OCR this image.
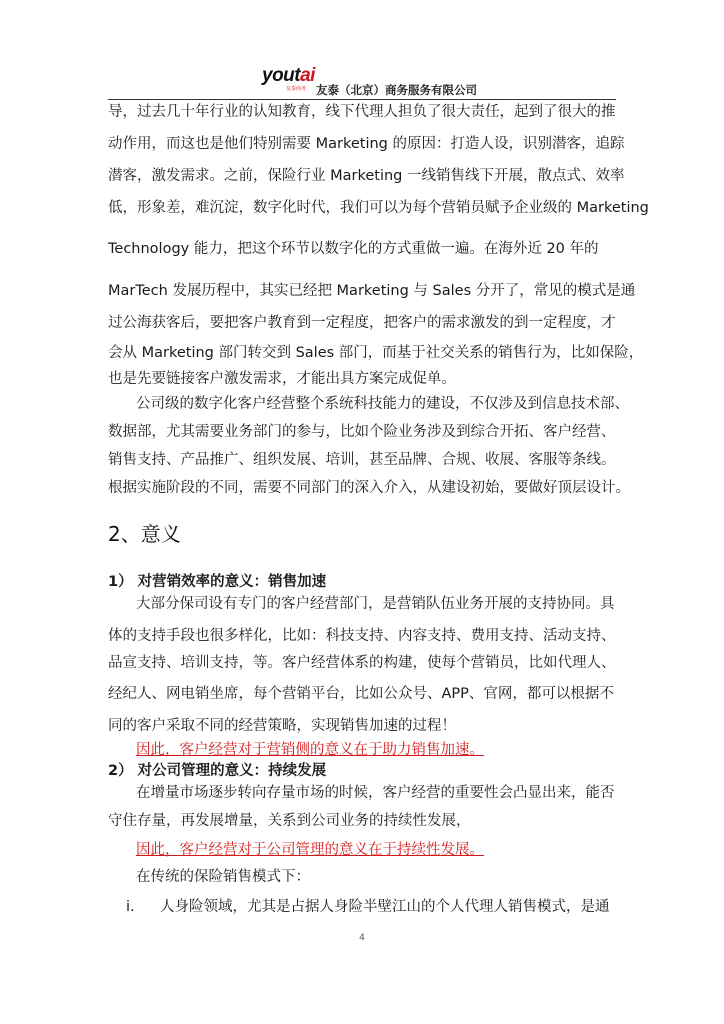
youtai
友泰商务 友泰（北京）商务服务有限公司
导，过去几十年行业的认知教育，线下代理人担负了很大责任，起到了很大的推
动作用，而这也是他们特别需要 Marketing 的原因：打造人设，识别潜客，追踪
潜客，激发需求。之前，保险行业 Marketing 一线销售线下开展，散点式、效率
低，形象差，难沉淀，数字化时代，我们可以为每个营销员赋予企业级的 Marketing
Technology 能力，把这个环节以数字化的方式重做一遍。在海外近 20 年的
MarTech 发展历程中，其实已经把 Marketing 与 Sales 分开了，常见的模式是通
过公海获客后，要把客户教育到一定程度，把客户的需求激发的到一定程度，才
会从 Marketing 部门转交到 Sales 部门，而基于社交关系的销售行为，比如保险，
也是先要链接客户激发需求，才能出具方案完成促单。
公司级的数字化客户经营整个系统科技能力的建设，不仅涉及到信息技术部、
数据部，尤其需要业务部门的参与，比如个险业务涉及到综合开拓、客户经营、
销售支持、产品推广、组织发展、培训，甚至品牌、合规、收展、客服等条线。
根据实施阶段的不同，需要不同部门的深入介入，从建设初始，要做好顶层设计。
2、意义
1） 对营销效率的意义：销售加速
大部分保司设有专门的客户经营部门，是营销队伍业务开展的支持协同。具
体的支持手段也很多样化，比如：科技支持、内容支持、费用支持、活动支持、
品宣支持、培训支持，等。客户经营体系的构建，使每个营销员，比如代理人、
经纪人、网电销坐席，每个营销平台，比如公众号、APP、官网，都可以根据不
同的客户采取不同的经营策略，实现销售加速的过程！
因此，客户经营对于营销侧的意义在于助力销售加速。
2） 对公司管理的意义：持续发展
在增量市场逐步转向存量市场的时候，客户经营的重要性会凸显出来，能否
守住存量，再发展增量，关系到公司业务的持续性发展，
因此，客户经营对于公司管理的意义在于持续性发展。
在传统的保险销售模式下：
i. 人身险领域，尤其是占据人身险半壁江山的个人代理人销售模式，是通
4
